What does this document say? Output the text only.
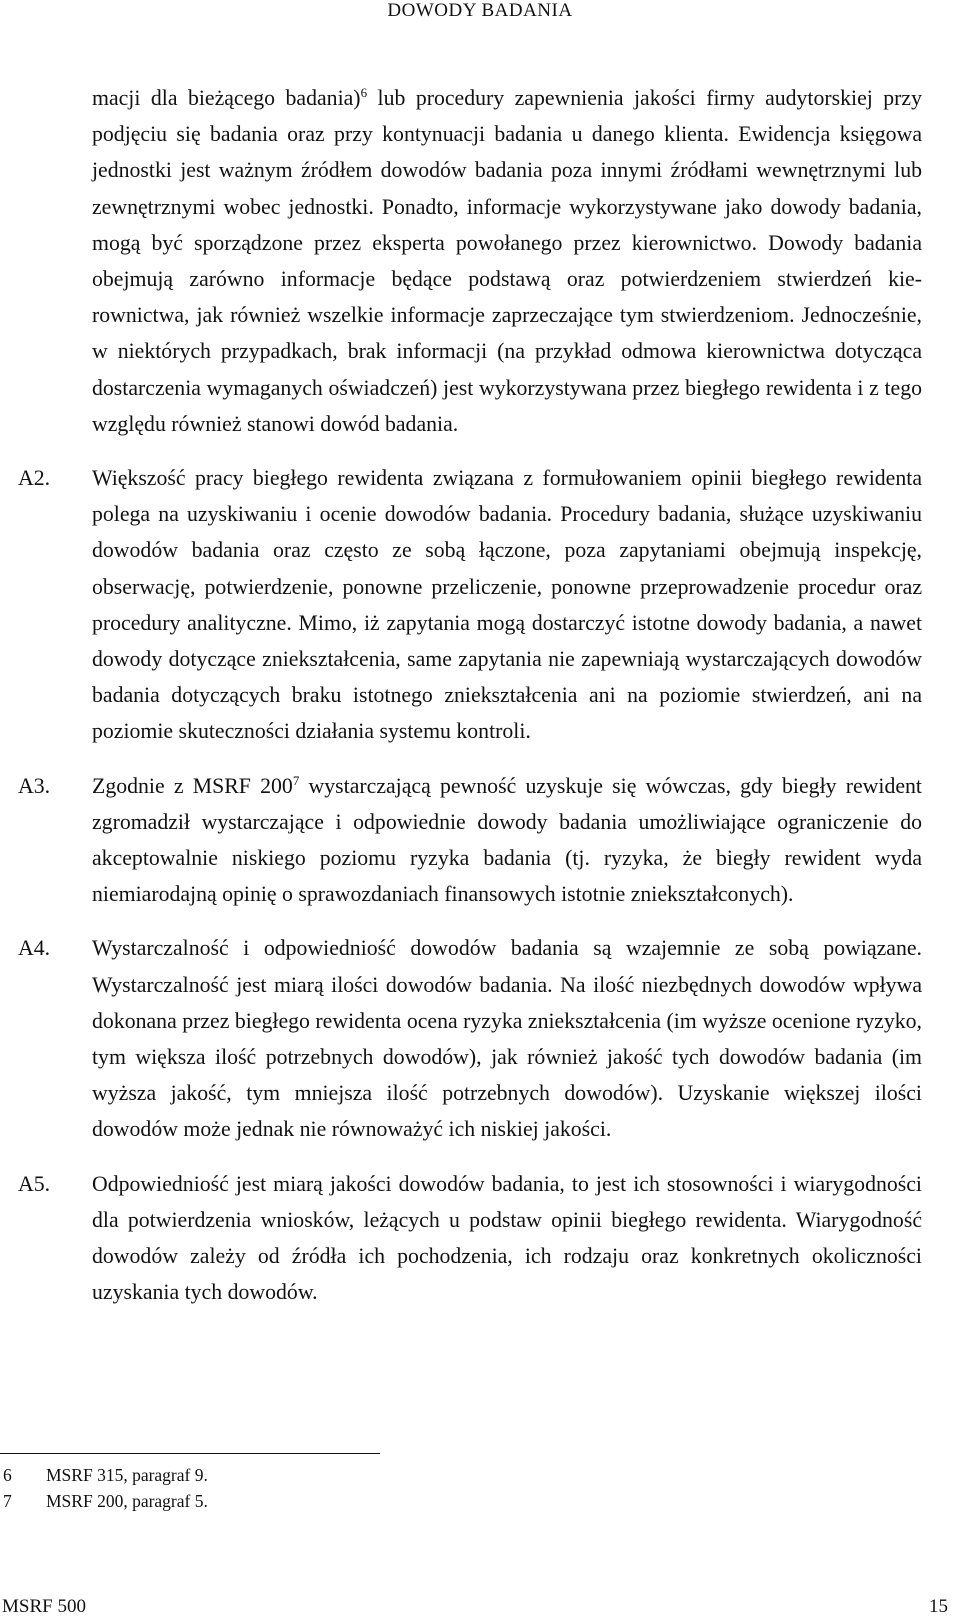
DOWODY BADANIA

macji dla bieżącego badania)$^6$ lub procedury zapewnienia jakości firmy audytorskiej przy podjęciu się badania oraz przy kontynuacji badania u danego klienta. Ewidencja księgowa jednostki jest ważnym źródłem dowodów badania poza innymi źródłami wewnętrznymi lub zewnętrznymi wobec jednostki. Ponadto, informacje wykorzystywane jako dowody badania, mogą być sporządzone przez eksperta powołanego przez kierownictwo. Dowody badania obejmują zarówno informacje będące podstawą oraz potwierdzeniem stwierdzeń kierownictwa, jak również wszelkie informacje zaprzeczające tym stwierdzeniom. Jednocześnie, w niektórych przypadkach, brak informacji (na przykład odmowa kierownictwa dotycząca dostarczenia wymaganych oświadczeń) jest wykorzystywana przez biegłego rewidenta i z tego względu również stanowi dowód badania.

A2.	Większość pracy biegłego rewidenta związana z formułowaniem opinii biegłego rewidenta polega na uzyskiwaniu i ocenie dowodów badania. Procedury badania, służące uzyskiwaniu dowodów badania oraz często ze sobą łączone, poza zapytaniami obejmują inspekcję, obserwację, potwierdzenie, ponowne przeliczenie, ponowne przeprowadzenie procedur oraz procedury analityczne. Mimo, iż zapytania mogą dostarczyć istotne dowody badania, a nawet dowody dotyczące zniekształcenia, same zapytania nie zapewniają wystarczających dowodów badania dotyczących braku istotnego zniekształcenia ani na poziomie stwierdzeń, ani na poziomie skuteczności działania systemu kontroli.

A3.	Zgodnie z MSRF $200^7$ wystarczającą pewność uzyskuje się wówczas, gdy biegły rewident zgromadził wystarczające i odpowiednie dowody badania umożliwiające ograniczenie do akceptowalnie niskiego poziomu ryzyka badania (tj. ryzyka, że biegły rewident wyda niemiarodajną opinię o sprawozdaniach finansowych istotnie zniekształconych).

A4.	Wystarczalność i odpowiedniość dowodów badania są wzajemnie ze sobą powiązane. Wystarczalność jest miarą ilości dowodów badania. Na ilość niezbędnych dowodów wpływa dokonana przez biegłego rewidenta ocena ryzyka zniekształcenia (im wyższe ocenione ryzyko, tym większa ilość potrzebnych dowodów), jak również jakość tych dowodów badania (im wyższa jakość, tym mniejsza ilość potrzebnych dowodów). Uzyskanie większej ilości dowodów może jednak nie równoważyć ich niskiej jakości.

A5.	Odpowiedniość jest miarą jakości dowodów badania, to jest ich stosowności i wiarygodności dla potwierdzenia wniosków, leżących u podstaw opinii biegłego rewidenta. Wiarygodność dowodów zależy od źródła ich pochodzenia, ich rodzaju oraz konkretnych okoliczności uzyskania tych dowodów.

6 MSRF 315, paragraf 9.
7 MSRF 200, paragraf 5.
MSRF 500	15
